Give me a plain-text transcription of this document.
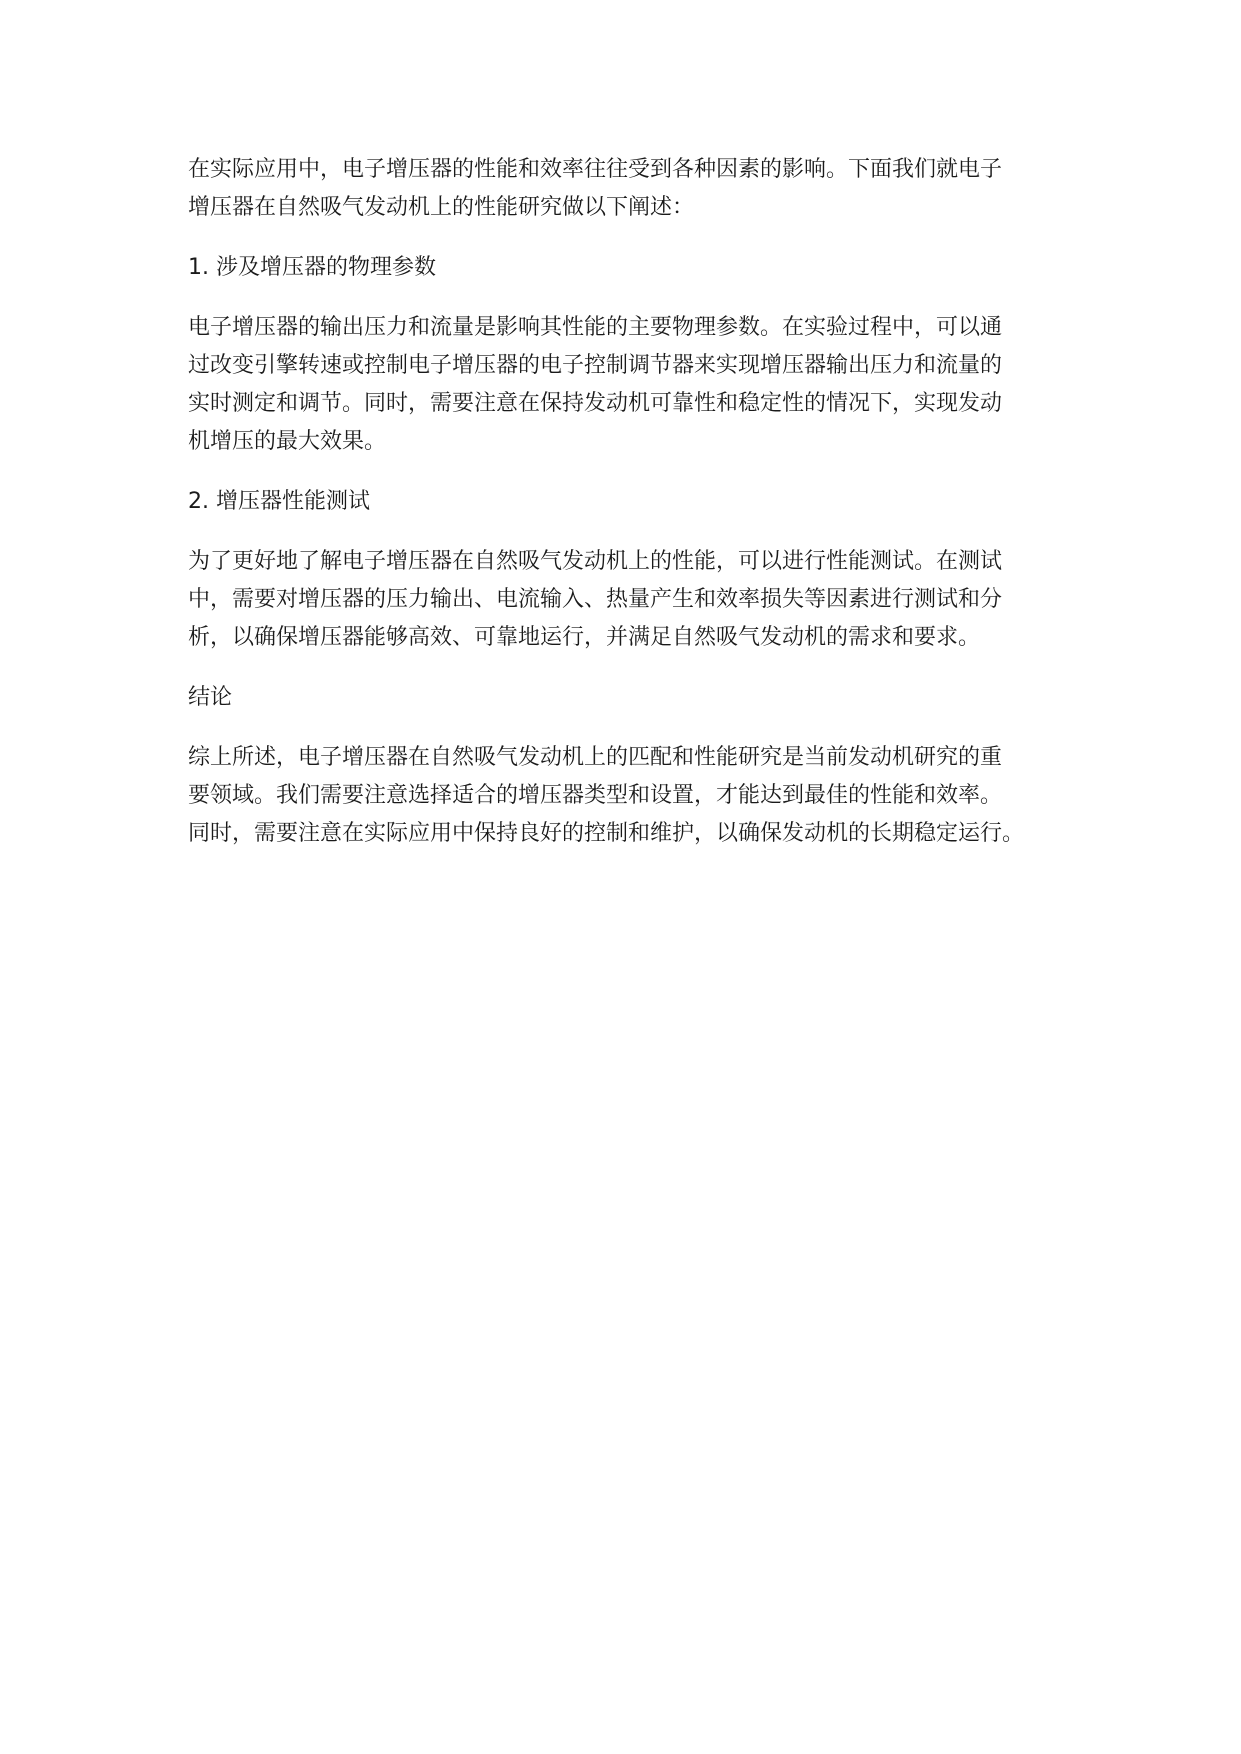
在实际应用中，电子增压器的性能和效率往往受到各种因素的影响。下面我们就电子
增压器在自然吸气发动机上的性能研究做以下阐述：

1. 涉及增压器的物理参数

电子增压器的输出压力和流量是影响其性能的主要物理参数。在实验过程中，可以通
过改变引擎转速或控制电子增压器的电子控制调节器来实现增压器输出压力和流量的
实时测定和调节。同时，需要注意在保持发动机可靠性和稳定性的情况下，实现发动
机增压的最大效果。

2. 增压器性能测试

为了更好地了解电子增压器在自然吸气发动机上的性能，可以进行性能测试。在测试
中，需要对增压器的压力输出、电流输入、热量产生和效率损失等因素进行测试和分
析，以确保增压器能够高效、可靠地运行，并满足自然吸气发动机的需求和要求。

结论

综上所述，电子增压器在自然吸气发动机上的匹配和性能研究是当前发动机研究的重
要领域。我们需要注意选择适合的增压器类型和设置，才能达到最佳的性能和效率。
同时，需要注意在实际应用中保持良好的控制和维护，以确保发动机的长期稳定运行。
